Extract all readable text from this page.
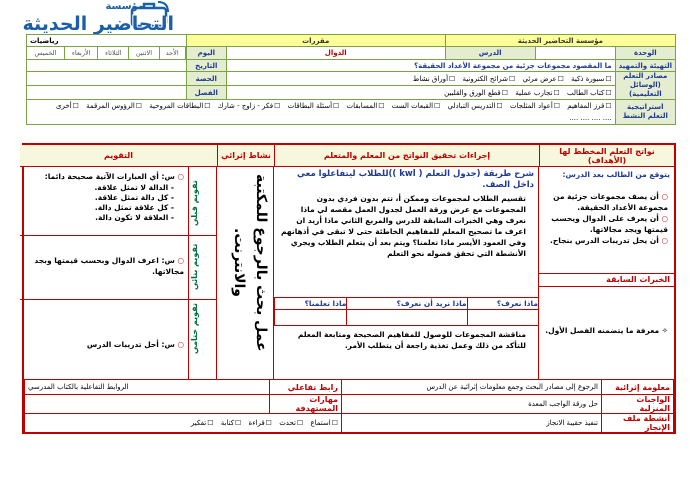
مؤسسة
التحاضير الحديثة
مؤسسة التحاضير الحديثة	مقررات	رياضيات
الوحدة		الدرس	الدوال	اليوم	
الأحد	الاثنين	الثلاثاء	الأربعاء	الخميس

التهيئة والتمهيد	ما المقصود مجموعات جزئية من مجموعة الأعداد الحقيقة؟	التاريخ	
مصادر التعلم (الوسائل التعليمية)	☐ سبورة ذكية ☐ عرض مرئي ☐ شرائح الكترونية ☐ أوراق نشاط	الحصة	
☐ كتاب الطالب ☐ تجارب عملية ☐ قطع الورق والقلبين	الفصل	
استراتيجية التعلم النشط	☐ قرز المفاهيم ☐ أعواد المثلجات ☐ التدريس التبادلي ☐ القبعات الست ☐ المسابقات ☐ أسئلة البطاقات ☐ فكر - زاوج - شارك ☐ البطاقات المروحية ☐ الرؤوس المرقمة ☐ أخرى .... .... .... ....
نواتج التعلم المخطط لها (الأهداف)
إجراءات تحقيق النواتج من المعلم والمتعلم
نشاط إثرائي
التقويم
يتوقع من الطالب بعد الدرس:
○ أن يصف مجموعات جزئية من مجموعة الأعداد الحقيقة.
○ أن يعرف على الدوال ويحسب قيمتها ويجد مجالاتها.
○ أن يحل تدريبات الدرس بنجاح.
الخبرات السابقة
✧ معرفة ما يتضمنه الفصل الأول.
شرح طريقة (جدول التعلم ( kwl ))للطلاب ليتفاعلوا معي داخل الصف.
تقسيم الطلاب لمجموعات وممكن أ، تتم بدون فردي بدون المجموعات مع عرض ورقة العمل لجدول العمل مقصه لي ماذا نعرف وهي الخبرات السابقة للدرس والمربع الثاني ماذا أريد ان اعرف ما تصحيح المعلم للمفاهيم الخاطئة حتى لا تبقى في أذهانهم وفي العمود الأيسر ماذا تعلمنا؟ ويتم بعد أن يتعلم الطلاب ويجري الأنشطة التي تحقق فضوله نحو التعلم
ماذا نعرف؟	ماذا نريد أن نعرف؟	ماذا تعلمنا؟

مناقشة المجموعات للوصول للمفاهيم الصحيحة ومتابعة المعلم للتأكد من ذلك وعمل تغذية راجعة أن يتطلب الأمر.
عمل بحث بالرجوع للمكتبة والانترنت.
تقويم قبلي
تقويم بنائي
تقويم ختامي
○ س: أي العبارات الآتية صحيحة دائما:
- الدالة لا تمثل علاقة.
- كل دالة تمثل علاقة.
- كل علاقة تمثل دالة.
- العلاقة لا تكون دالة.
○ س: اعرف الدوال وبحسب قيمتها وبجد مجالاتها.
○ س: أحل تدريبات الدرس
معلومة إثرائية	الرجوع إلى مصادر البحث وجمع معلومات إثرائية عن الدرس	رابط تفاعلي	الروابط التفاعلية بالكتاب المدرسي
الواجبات المنزلية	حل ورقة الواجب المعدة	مهارات المستهدفة	
أنشطة ملف الإنجاز	تنفيذ حقيبة الانجاز	☐ استماع ☐ تحدث ☐ قراءة ☐ كتابة ☐ تفكير
